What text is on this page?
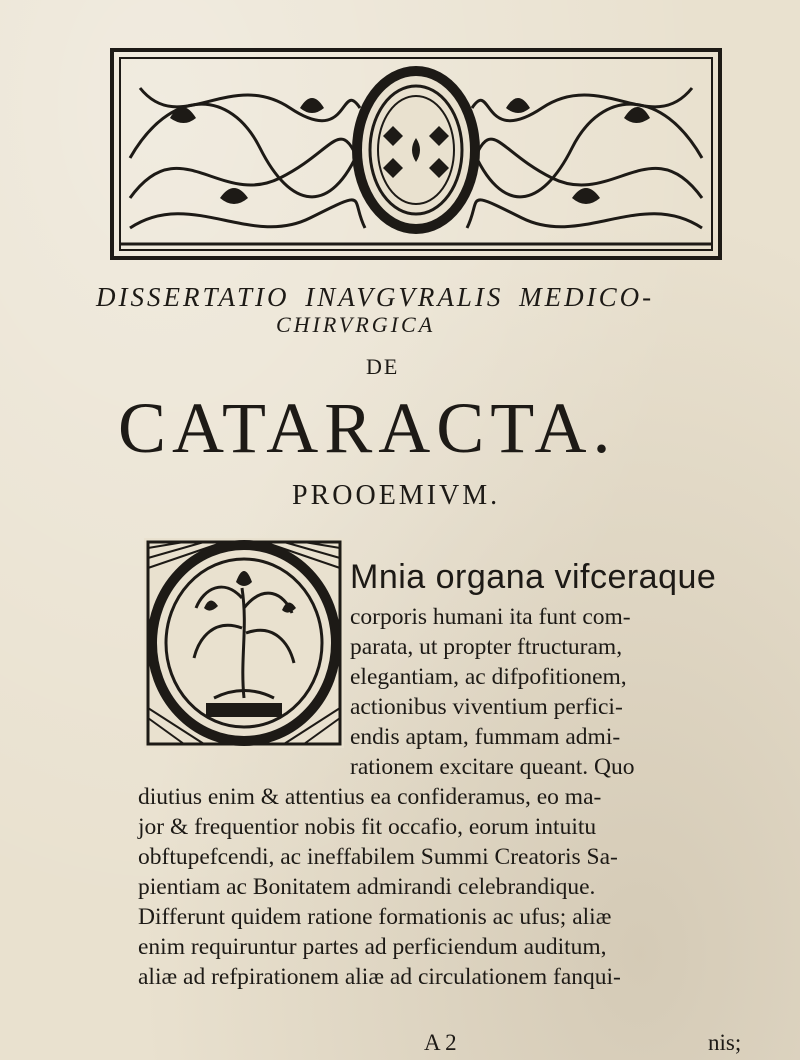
DISSERTATIO INAVGVRALIS MEDICO-
CHIRVRGICA
DE
CATARACTA.
PROOEMIVM.
Mnia organa vifceraque
corporis humani ita funt com-
parata, ut propter ftructuram,
elegantiam, ac difpofitionem,
actionibus viventium perfici-
endis aptam, fummam admi-
rationem excitare queant. Quo
diutius enim & attentius ea confideramus, eo ma-
jor & frequentior nobis fit occafio, eorum intuitu
obftupefcendi, ac ineffabilem Summi Creatoris Sa-
pientiam ac Bonitatem admirandi celebrandique.
Differunt quidem ratione formationis ac ufus; aliæ
enim requiruntur partes ad perficiendum auditum,
aliæ ad refpirationem aliæ ad circulationem fanqui-
A 2	nis;
